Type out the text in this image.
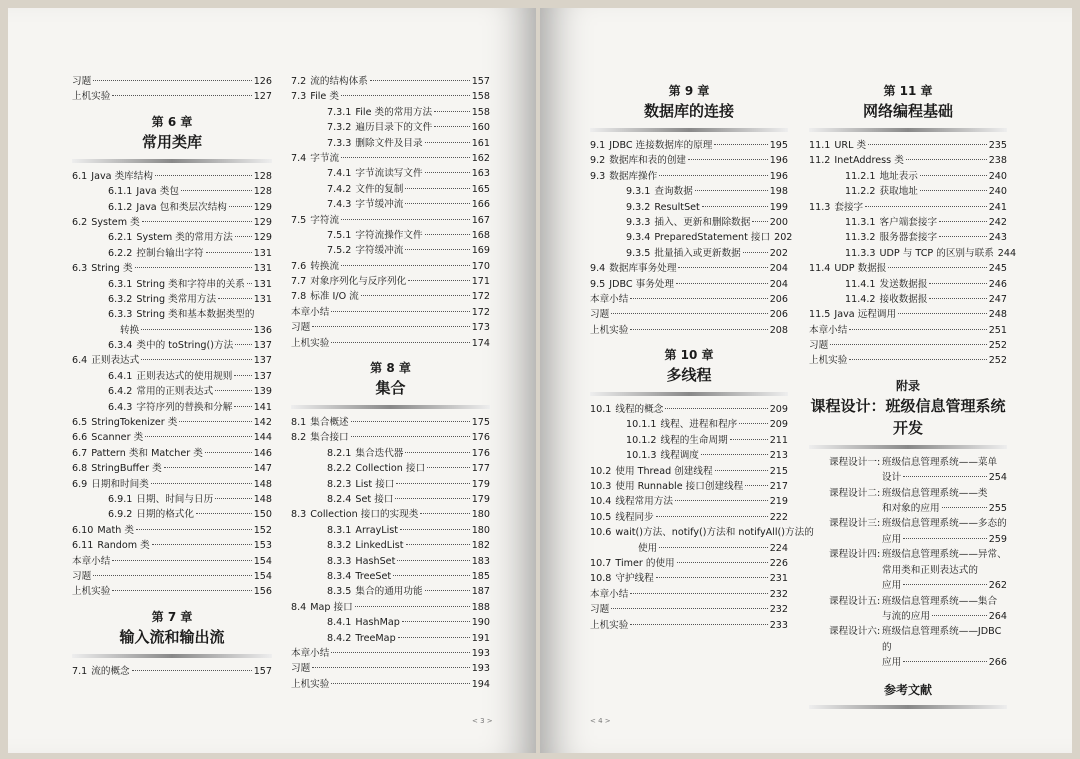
习题	126
上机实验	127
第 6 章
常用类库
6.1 Java 类库结构	128
6.1.1 Java 类包	128
6.1.2 Java 包和类层次结构	129
6.2 System 类	129
6.2.1 System 类的常用方法 129
6.2.2 控制台输出字符	131
6.3 String 类	131
6.3.1 String 类和字符串的关系 131
6.3.2 String 类常用方法	131
6.3.3 String 类和基本数据类型的
转换	136
6.3.4 类中的 toString()方法 137
6.4 正则表达式	137
6.4.1 正则表达式的使用规则 137
6.4.2 常用的正则表达式	139
6.4.3 字符序列的替换和分解 141
6.5 StringTokenizer 类	142
6.6 Scanner 类	144
6.7 Pattern 类和 Matcher 类	146
6.8 StringBuffer 类	147
6.9 日期和时间类	148
6.9.1 日期、时间与日历	148
6.9.2 日期的格式化	150
6.10 Math 类	152
6.11 Random 类	153
本章小结	154
习题	154
上机实验	156
第 7 章
输入流和输出流
7.1 流的概念	157
7.2 流的结构体系	157
7.3 File 类	158
7.3.1 File 类的常用方法	158
7.3.2 遍历目录下的文件	160
7.3.3 删除文件及目录	161
7.4 字节流	162
7.4.1 字节流读写文件	163
7.4.2 文件的复制	165
7.4.3 字节缓冲流	166
7.5 字符流	167
7.5.1 字符流操作文件	168
7.5.2 字符缓冲流	169
7.6 转换流	170
7.7 对象序列化与反序列化	171
7.8 标准 I/O 流	172
本章小结	172
习题	173
上机实验	174
第 8 章
集合
8.1 集合概述	175
8.2 集合接口	176
8.2.1 集合迭代器	176
8.2.2 Collection 接口	177
8.2.3 List 接口	179
8.2.4 Set 接口	179
8.3 Collection 接口的实现类	180
8.3.1 ArrayList	180
8.3.2 LinkedList	182
8.3.3 HashSet	183
8.3.4 TreeSet	185
8.3.5 集合的通用功能	187
8.4 Map 接口	188
8.4.1 HashMap	190
8.4.2 TreeMap	191
本章小结	193
习题	193
上机实验	194
< 3 >
第 9 章
数据库的连接
9.1 JDBC 连接数据库的原理	195
9.2 数据库和表的创建	196
9.3 数据库操作	196
9.3.1 查询数据	198
9.3.2 ResultSet	199
9.3.3 插入、更新和删除数据 200
9.3.4 PreparedStatement 接口 202
9.3.5 批量插入或更新数据	202
9.4 数据库事务处理	204
9.5 JDBC 事务处理	204
本章小结	206
习题	206
上机实验	208
第 10 章
多线程
10.1 线程的概念	209
10.1.1 线程、进程和程序	209
10.1.2 线程的生命周期	211
10.1.3 线程调度	213
10.2 使用 Thread 创建线程	215
10.3 使用 Runnable 接口创建线程	217
10.4 线程常用方法	219
10.5 线程同步	222
10.6 wait()方法、notify()方法和 notifyAll()方法的
使用	224
10.7 Timer 的使用	226
10.8 守护线程	231
本章小结	232
习题	232
上机实验	233
第 11 章
网络编程基础
11.1 URL 类	235
11.2 InetAddress 类	238
11.2.1 地址表示	240
11.2.2 获取地址	240
11.3 套接字	241
11.3.1 客户端套接字	242
11.3.2 服务器套接字	243
11.3.3 UDP 与 TCP 的区别与联系 244
11.4 UDP 数据报	245
11.4.1 发送数据报	246
11.4.2 接收数据报	247
11.5 Java 远程调用	248
本章小结	251
习题	252
上机实验	252
附录
课程设计：班级信息管理系统
开发
课程设计一: 班级信息管理系统——菜单
设计	254
课程设计二: 班级信息管理系统——类
和对象的应用	255
课程设计三: 班级信息管理系统——多态的
应用	259
课程设计四: 班级信息管理系统——异常、
常用类和正则表达式的
应用	262
课程设计五: 班级信息管理系统——集合
与流的应用	264
课程设计六: 班级信息管理系统——JDBC 的
应用	266
参考文献
< 4 >
